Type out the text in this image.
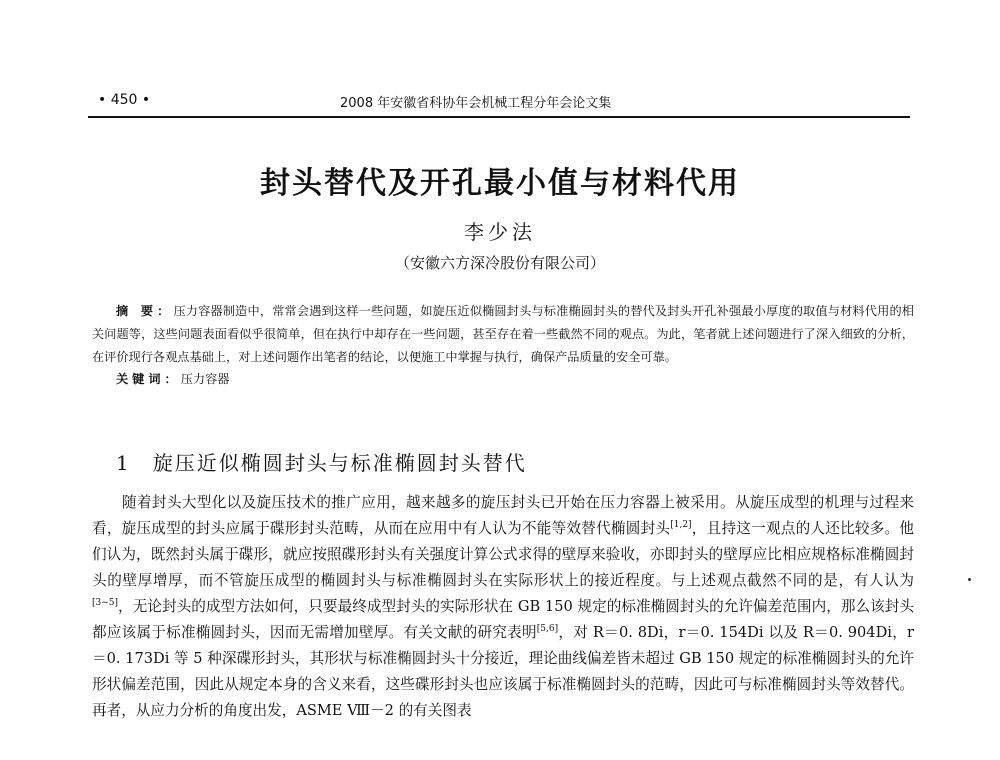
• 450 •	2008 年安徽省科协年会机械工程分年会论文集
封头替代及开孔最小值与材料代用
李少法
（安徽六方深冷股份有限公司）

摘 要：压力容器制造中，常常会遇到这样一些问题，如旋压近似椭圆封头与标准椭圆封头的替代及封头开孔补强最小厚度的取值与材料代用的相关问题等，这些问题表面看似乎很简单，但在执行中却存在一些问题，甚至存在着一些截然不同的观点。为此，笔者就上述问题进行了深入细致的分析，在评价现行各观点基础上，对上述问题作出笔者的结论，以便施工中掌握与执行，确保产品质量的安全可靠。

关键词：压力容器

1 旋压近似椭圆封头与标准椭圆封头替代

随着封头大型化以及旋压技术的推广应用，越来越多的旋压封头已开始在压力容器上被采用。从旋压成型的机理与过程来看，旋压成型的封头应属于碟形封头范畴，从而在应用中有人认为不能等效替代椭圆封头[1,2]，且持这一观点的人还比较多。他们认为，既然封头属于碟形，就应按照碟形封头有关强度计算公式求得的壁厚来验收，亦即封头的壁厚应比相应规格标准椭圆封头的壁厚增厚，而不管旋压成型的椭圆封头与标准椭圆封头在实际形状上的接近程度。与上述观点截然不同的是，有人认为[3~5]，无论封头的成型方法如何，只要最终成型封头的实际形状在 GB 150 规定的标准椭圆封头的允许偏差范围内，那么该封头都应该属于标准椭圆封头，因而无需增加壁厚。有关文献的研究表明[5,6]，对 R＝0. 8Di，r＝0. 154Di 以及 R＝0. 904Di，r＝0. 173Di 等 5 种深碟形封头，其形状与标准椭圆封头十分接近，理论曲线偏差皆未超过 GB 150 规定的标准椭圆封头的允许形状偏差范围，因此从规定本身的含义来看，这些碟形封头也应该属于标准椭圆封头的范畴，因此可与标准椭圆封头等效替代。再者，从应力分析的角度出发，ASME Ⅷ－2 的有关图表
